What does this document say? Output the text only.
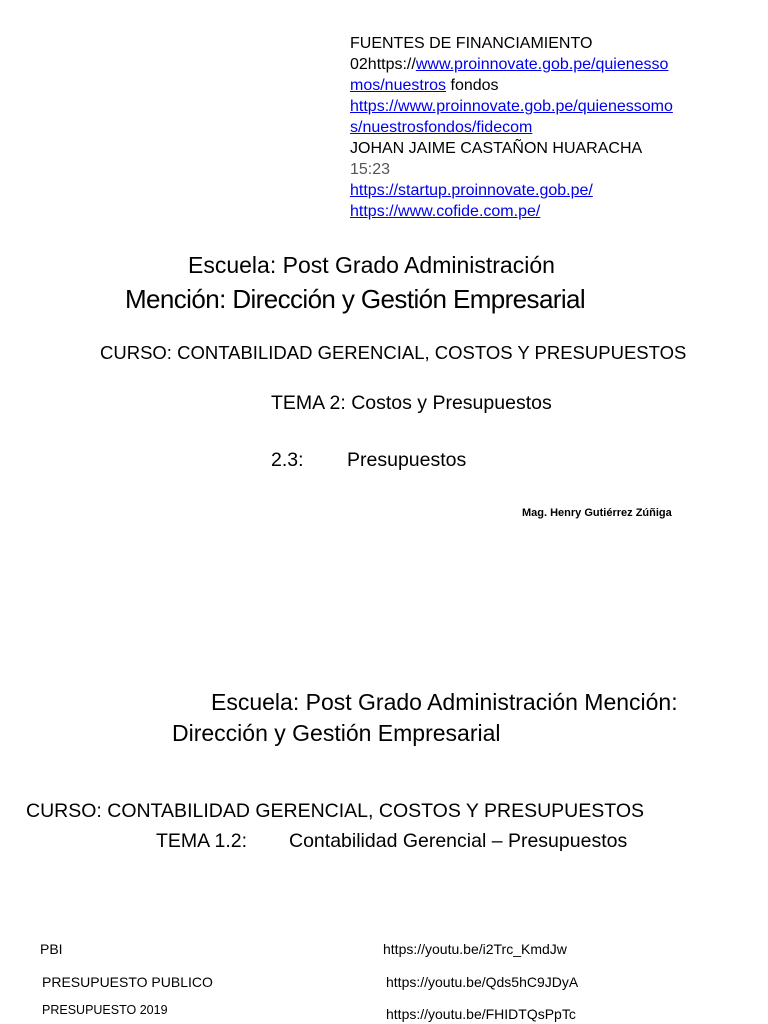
FUENTES DE FINANCIAMIENTO
02https://www.proinnovate.gob.pe/quienesso
mos/nuestros fondos
https://www.proinnovate.gob.pe/quienessomo
s/nuestrosfondos/fidecom
JOHAN JAIME CASTAÑON HUARACHA
15:23
https://startup.proinnovate.gob.pe/
https://www.cofide.com.pe/
Escuela: Post Grado Administración
Mención: Dirección y Gestión Empresarial
CURSO: CONTABILIDAD GERENCIAL, COSTOS Y PRESUPUESTOS
TEMA 2: Costos y Presupuestos
2.3: Presupuestos
Mag. Henry Gutiérrez Zúñiga
Escuela: Post Grado Administración Mención:
Dirección y Gestión Empresarial
CURSO: CONTABILIDAD GERENCIAL, COSTOS Y PRESUPUESTOS
TEMA 1.2: Contabilidad Gerencial – Presupuestos
PBI	https://youtu.be/i2Trc_KmdJw
PRESUPUESTO PUBLICO	https://youtu.be/Qds5hC9JDyA
PRESUPUESTO 2019	https://youtu.be/FHIDTQsPpTc
